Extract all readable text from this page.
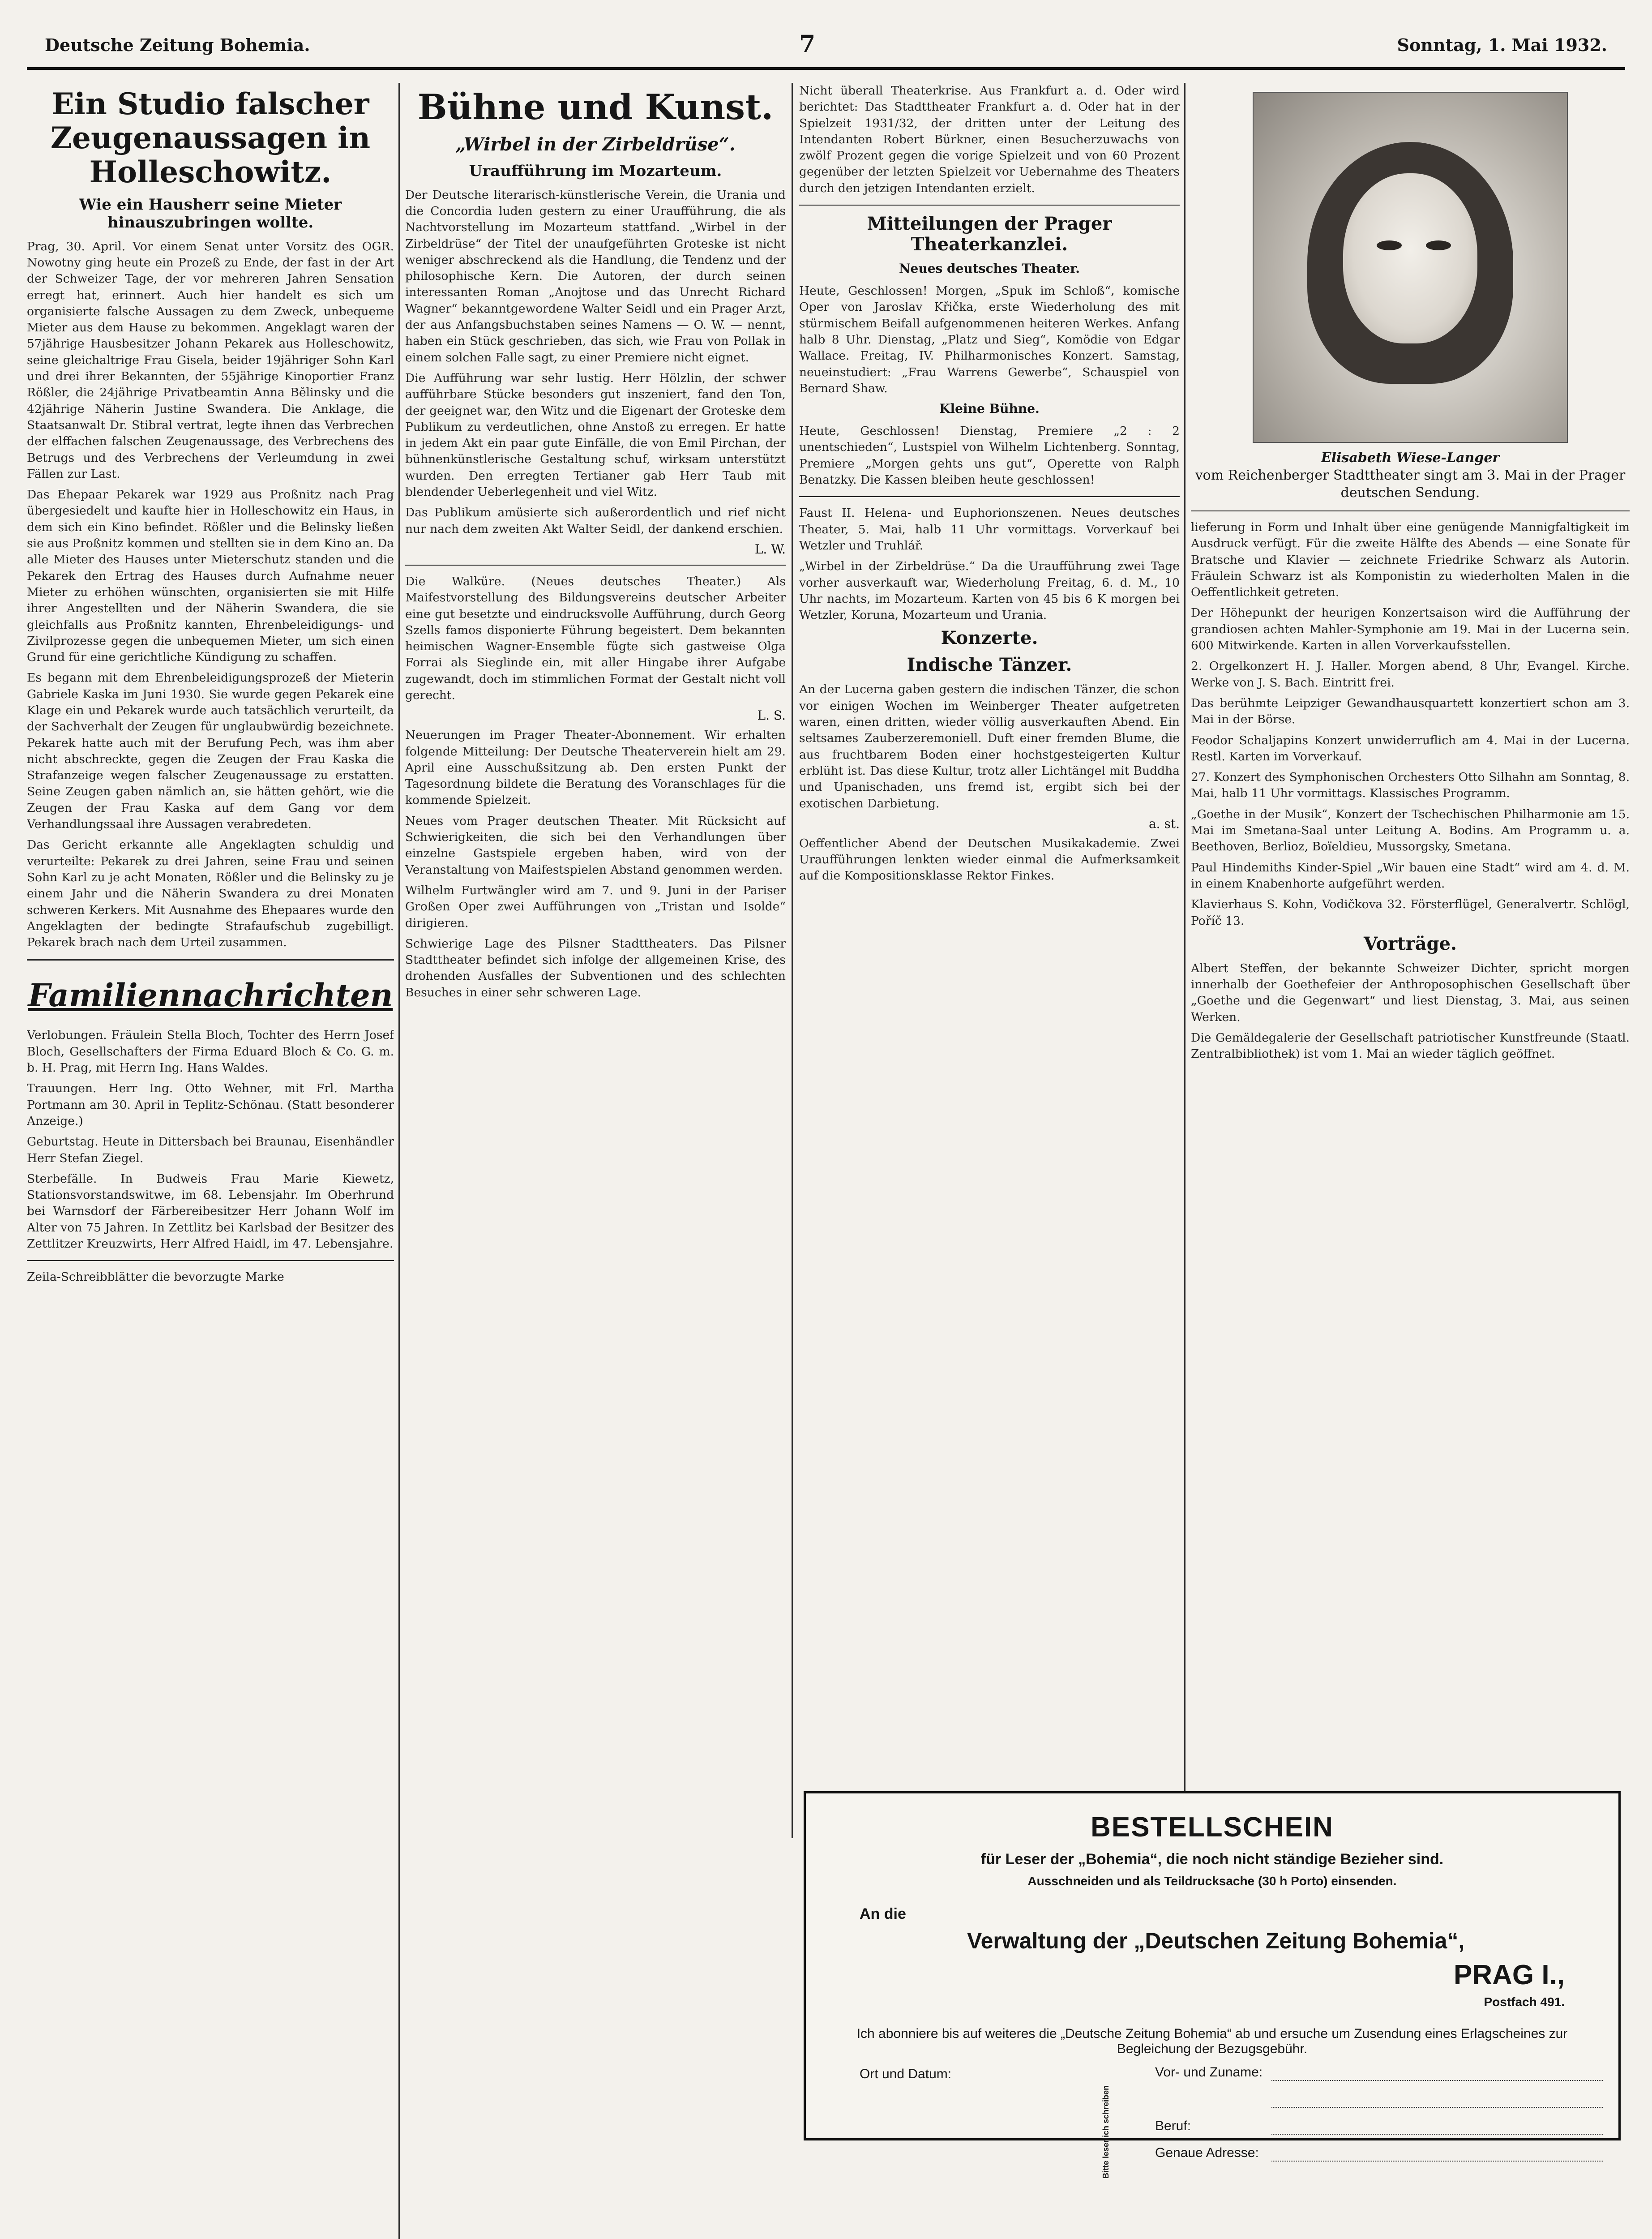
Deutsche Zeitung Bohemia.	7	Sonntag, 1. Mai 1932.
Ein Studio falscher Zeugenaussagen in Holleschowitz.
Wie ein Hausherr seine Mieter hinauszubringen wollte.

Prag, 30. April. Vor einem Senat unter Vorsitz des OGR. Nowotny ging heute ein Prozeß zu Ende, der fast in der Art der Schweizer Tage, der vor mehreren Jahren Sensation erregt hat, erinnert. Auch hier handelt es sich um organisierte falsche Aussagen zu dem Zweck, unbequeme Mieter aus dem Hause zu bekommen. Angeklagt waren der 57jährige Hausbesitzer Johann Pekarek aus Holleschowitz, seine gleichaltrige Frau Gisela, beider 19jähriger Sohn Karl und drei ihrer Bekannten, der 55jährige Kinoportier Franz Rößler, die 24jährige Privatbeamtin Anna Bělinsky und die 42jährige Näherin Justine Swandera. Die Anklage, die Staatsanwalt Dr. Stibral vertrat, legte ihnen das Verbrechen der elffachen falschen Zeugenaussage, des Verbrechens des Betrugs und des Verbrechens der Verleumdung in zwei Fällen zur Last.

Das Ehepaar Pekarek war 1929 aus Proßnitz nach Prag übergesiedelt und kaufte hier in Holleschowitz ein Haus, in dem sich ein Kino befindet. Rößler und die Belinsky ließen sie aus Proßnitz kommen und stellten sie in dem Kino an. Da alle Mieter des Hauses unter Mieterschutz standen und die Pekarek den Ertrag des Hauses durch Aufnahme neuer Mieter zu erhöhen wünschten, organisierten sie mit Hilfe ihrer Angestellten und der Näherin Swandera, die sie gleichfalls aus Proßnitz kannten, Ehrenbeleidigungs- und Zivilprozesse gegen die unbequemen Mieter, um sich einen Grund für eine gerichtliche Kündigung zu schaffen.

Es begann mit dem Ehrenbeleidigungsprozeß der Mieterin Gabriele Kaska im Juni 1930. Sie wurde gegen Pekarek eine Klage ein und Pekarek wurde auch tatsächlich verurteilt, da der Sachverhalt der Zeugen für unglaubwürdig bezeichnete. Pekarek hatte auch mit der Berufung Pech, was ihm aber nicht abschreckte, gegen die Zeugen der Frau Kaska die Strafanzeige wegen falscher Zeugenaussage zu erstatten. Seine Zeugen gaben nämlich an, sie hätten gehört, wie die Zeugen der Frau Kaska auf dem Gang vor dem Verhandlungssaal ihre Aussagen verabredeten.

Das Gericht erkannte alle Angeklagten schuldig und verurteilte: Pekarek zu drei Jahren, seine Frau und seinen Sohn Karl zu je acht Monaten, Rößler und die Belinsky zu je einem Jahr und die Näherin Swandera zu drei Monaten schweren Kerkers. Mit Ausnahme des Ehepaares wurde den Angeklagten der bedingte Strafaufschub zugebilligt. Pekarek brach nach dem Urteil zusammen.

Familiennachrichten

Verlobungen. Fräulein Stella Bloch, Tochter des Herrn Josef Bloch, Gesellschafters der Firma Eduard Bloch & Co. G. m. b. H. Prag, mit Herrn Ing. Hans Waldes.

Trauungen. Herr Ing. Otto Wehner, mit Frl. Martha Portmann am 30. April in Teplitz-Schönau. (Statt besonderer Anzeige.)

Geburtstag. Heute in Dittersbach bei Braunau, Eisenhändler Herr Stefan Ziegel.

Sterbefälle. In Budweis Frau Marie Kiewetz, Stationsvorstandswitwe, im 68. Lebensjahr. Im Oberhrund bei Warnsdorf der Färbereibesitzer Herr Johann Wolf im Alter von 75 Jahren. In Zettlitz bei Karlsbad der Besitzer des Zettlitzer Kreuzwirts, Herr Alfred Haidl, im 47. Lebensjahre.

Zeila-Schreibblätter die bevorzugte Marke

Bühne und Kunst.
„Wirbel in der Zirbeldrüse“.
Uraufführung im Mozarteum.

Der Deutsche literarisch-künstlerische Verein, die Urania und die Concordia luden gestern zu einer Uraufführung, die als Nachtvorstellung im Mozarteum stattfand. „Wirbel in der Zirbeldrüse“ der Titel der unaufgeführten Groteske ist nicht weniger abschreckend als die Handlung, die Tendenz und der philosophische Kern. Die Autoren, der durch seinen interessanten Roman „Anojtose und das Unrecht Richard Wagner“ bekanntgewordene Walter Seidl und ein Prager Arzt, der aus Anfangsbuchstaben seines Namens — O. W. — nennt, haben ein Stück geschrieben, das sich, wie Frau von Pollak in einem solchen Falle sagt, zu einer Premiere nicht eignet.

Die Aufführung war sehr lustig. Herr Hölzlin, der schwer aufführbare Stücke besonders gut inszeniert, fand den Ton, der geeignet war, den Witz und die Eigenart der Groteske dem Publikum zu verdeutlichen, ohne Anstoß zu erregen. Er hatte in jedem Akt ein paar gute Einfälle, die von Emil Pirchan, der bühnenkünstlerische Gestaltung schuf, wirksam unterstützt wurden. Den erregten Tertianer gab Herr Taub mit blendender Ueberlegenheit und viel Witz.

Das Publikum amüsierte sich außerordentlich und rief nicht nur nach dem zweiten Akt Walter Seidl, der dankend erschien.

L. W.

Die Walküre. (Neues deutsches Theater.) Als Maifestvorstellung des Bildungsvereins deutscher Arbeiter eine gut besetzte und eindrucksvolle Aufführung, durch Georg Szells famos disponierte Führung begeistert. Dem bekannten heimischen Wagner-Ensemble fügte sich gastweise Olga Forrai als Sieglinde ein, mit aller Hingabe ihrer Aufgabe zugewandt, doch im stimmlichen Format der Gestalt nicht voll gerecht.

L. S.

Neuerungen im Prager Theater-Abonnement. Wir erhalten folgende Mitteilung: Der Deutsche Theaterverein hielt am 29. April eine Ausschußsitzung ab. Den ersten Punkt der Tagesordnung bildete die Beratung des Voranschlages für die kommende Spielzeit.

Neues vom Prager deutschen Theater. Mit Rücksicht auf Schwierigkeiten, die sich bei den Verhandlungen über einzelne Gastspiele ergeben haben, wird von der Veranstaltung von Maifestspielen Abstand genommen werden.

Wilhelm Furtwängler wird am 7. und 9. Juni in der Pariser Großen Oper zwei Aufführungen von „Tristan und Isolde“ dirigieren.

Schwierige Lage des Pilsner Stadttheaters. Das Pilsner Stadttheater befindet sich infolge der allgemeinen Krise, des drohenden Ausfalles der Subventionen und des schlechten Besuches in einer sehr schweren Lage.

Nicht überall Theaterkrise. Aus Frankfurt a. d. Oder wird berichtet: Das Stadttheater Frankfurt a. d. Oder hat in der Spielzeit 1931/32, der dritten unter der Leitung des Intendanten Robert Bürkner, einen Besucherzuwachs von zwölf Prozent gegen die vorige Spielzeit und von 60 Prozent gegenüber der letzten Spielzeit vor Uebernahme des Theaters durch den jetzigen Intendanten erzielt.

Mitteilungen der Prager Theaterkanzlei.
Neues deutsches Theater.

Heute, Geschlossen! Morgen, „Spuk im Schloß“, komische Oper von Jaroslav Křička, erste Wiederholung des mit stürmischem Beifall aufgenommenen heiteren Werkes. Anfang halb 8 Uhr. Dienstag, „Platz und Sieg“, Komödie von Edgar Wallace. Freitag, IV. Philharmonisches Konzert. Samstag, neueinstudiert: „Frau Warrens Gewerbe“, Schauspiel von Bernard Shaw.

Kleine Bühne.

Heute, Geschlossen! Dienstag, Premiere „2 : 2 unentschieden“, Lustspiel von Wilhelm Lichtenberg. Sonntag, Premiere „Morgen gehts uns gut“, Operette von Ralph Benatzky. Die Kassen bleiben heute geschlossen!

Faust II. Helena- und Euphorionszenen. Neues deutsches Theater, 5. Mai, halb 11 Uhr vormittags. Vorverkauf bei Wetzler und Truhlář.

„Wirbel in der Zirbeldrüse.“ Da die Uraufführung zwei Tage vorher ausverkauft war, Wiederholung Freitag, 6. d. M., 10 Uhr nachts, im Mozarteum. Karten von 45 bis 6 K morgen bei Wetzler, Koruna, Mozarteum und Urania.

Konzerte.
Indische Tänzer.

An der Lucerna gaben gestern die indischen Tänzer, die schon vor einigen Wochen im Weinberger Theater aufgetreten waren, einen dritten, wieder völlig ausverkauften Abend. Ein seltsames Zauberzeremoniell. Duft einer fremden Blume, die aus fruchtbarem Boden einer hochstgesteigerten Kultur erblüht ist. Das diese Kultur, trotz aller Lichtängel mit Buddha und Upanischaden, uns fremd ist, ergibt sich bei der exotischen Darbietung.

a. st.

Oeffentlicher Abend der Deutschen Musikakademie. Zwei Uraufführungen lenkten wieder einmal die Aufmerksamkeit auf die Kompositionsklasse Rektor Finkes.

Elisabeth Wiese-Langer
vom Reichenberger Stadttheater singt am 3. Mai in der Prager deutschen Sendung.

lieferung in Form und Inhalt über eine genügende Mannigfaltigkeit im Ausdruck verfügt. Für die zweite Hälfte des Abends — eine Sonate für Bratsche und Klavier — zeichnete Friedrike Schwarz als Autorin. Fräulein Schwarz ist als Komponistin zu wiederholten Malen in die Oeffentlichkeit getreten.

Der Höhepunkt der heurigen Konzertsaison wird die Aufführung der grandiosen achten Mahler-Symphonie am 19. Mai in der Lucerna sein. 600 Mitwirkende. Karten in allen Vorverkaufsstellen.

2. Orgelkonzert H. J. Haller. Morgen abend, 8 Uhr, Evangel. Kirche. Werke von J. S. Bach. Eintritt frei.

Das berühmte Leipziger Gewandhausquartett konzertiert schon am 3. Mai in der Börse.

Feodor Schaljapins Konzert unwiderruflich am 4. Mai in der Lucerna. Restl. Karten im Vorverkauf.

27. Konzert des Symphonischen Orchesters Otto Silhahn am Sonntag, 8. Mai, halb 11 Uhr vormittags. Klassisches Programm.

„Goethe in der Musik“, Konzert der Tschechischen Philharmonie am 15. Mai im Smetana-Saal unter Leitung A. Bodins. Am Programm u. a. Beethoven, Berlioz, Boïeldieu, Mussorgsky, Smetana.

Paul Hindemiths Kinder-Spiel „Wir bauen eine Stadt“ wird am 4. d. M. in einem Knabenhorte aufgeführt werden.

Klavierhaus S. Kohn, Vodičkova 32. Försterflügel, Generalvertr. Schlögl, Poříč 13.

Vorträge.

Albert Steffen, der bekannte Schweizer Dichter, spricht morgen innerhalb der Goethefeier der Anthroposophischen Gesellschaft über „Goethe und die Gegenwart“ und liest Dienstag, 3. Mai, aus seinen Werken.

Die Gemäldegalerie der Gesellschaft patriotischer Kunstfreunde (Staatl. Zentralbibliothek) ist vom 1. Mai an wieder täglich geöffnet.

BESTELLSCHEIN
für Leser der „Bohemia“, die noch nicht ständige Bezieher sind.
Ausschneiden und als Teildrucksache (30 h Porto) einsenden.
An die
Verwaltung der „Deutschen Zeitung Bohemia“,
PRAG I.,
Postfach 491.
Ich abonniere bis auf weiteres die „Deutsche Zeitung Bohemia“ ab und ersuche um Zusendung eines Erlagscheines zur Begleichung der Bezugsgebühr.
Ort und Datum:
Bitte leserlich schreiben
Vor- und Zuname:
Beruf:
Genaue Adresse:
